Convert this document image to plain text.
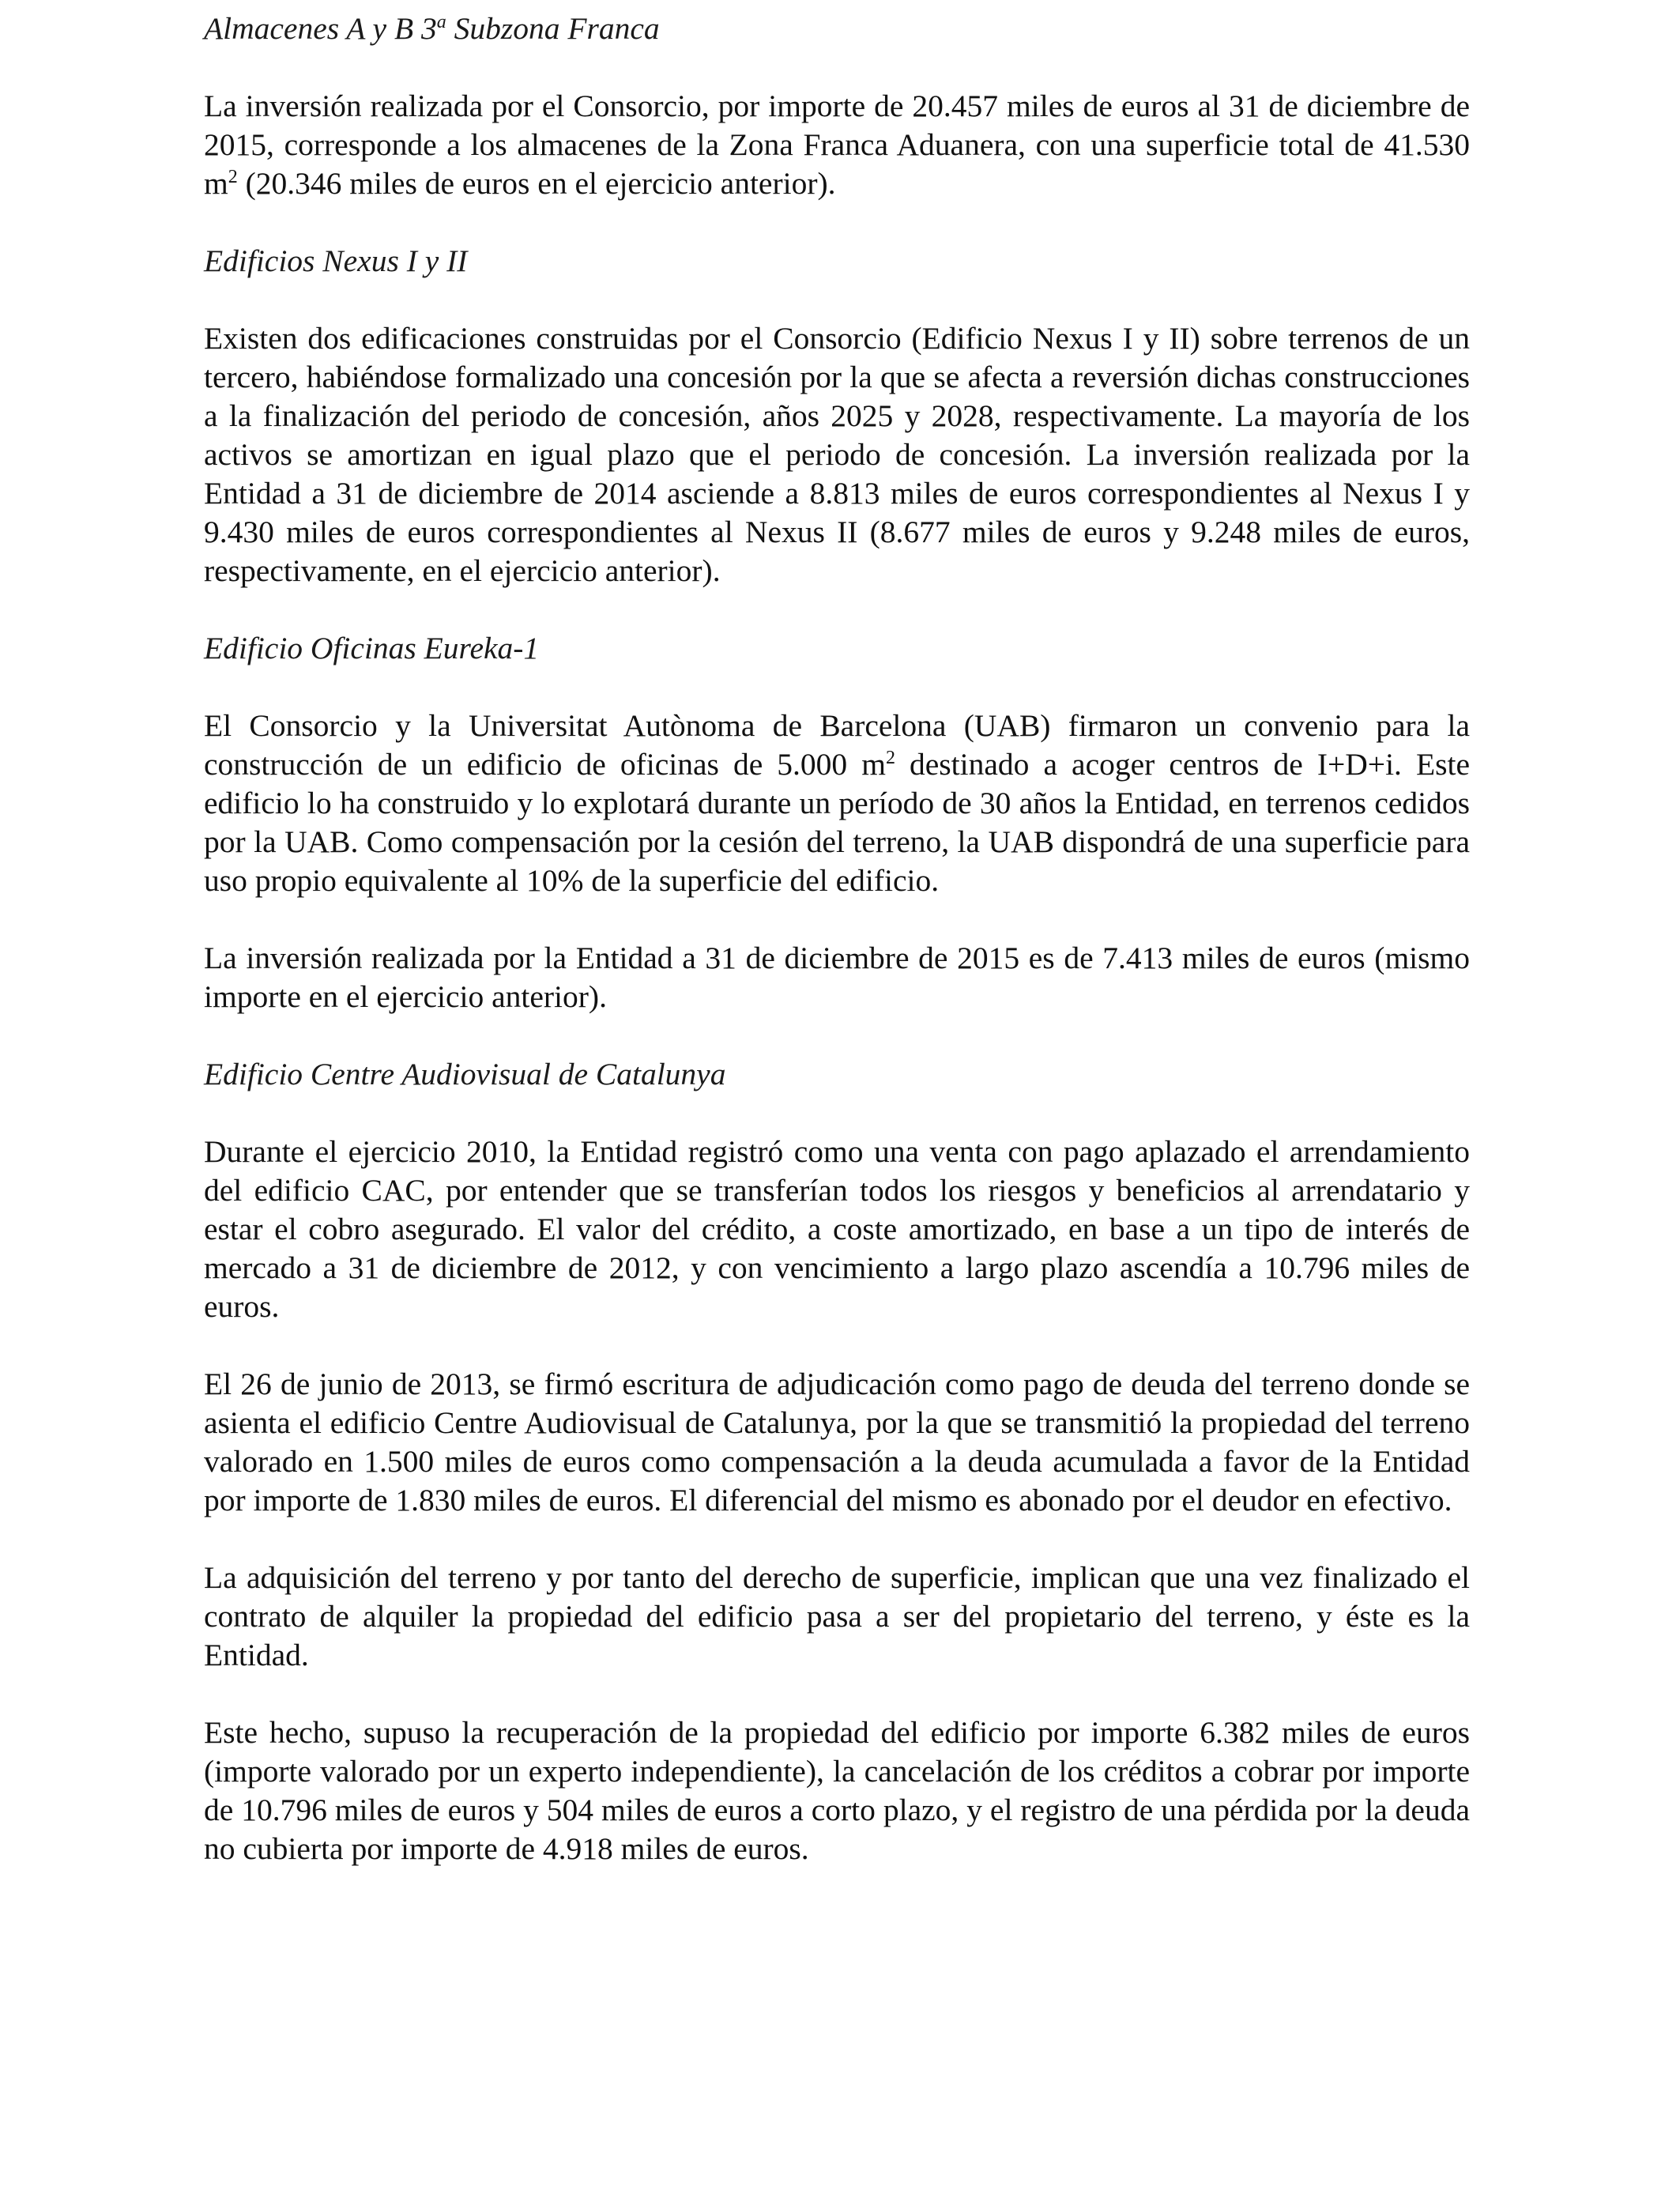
Almacenes A y B 3$^a$ Subzona Franca

La inversión realizada por el Consorcio, por importe de 20.457 miles de euros al 31 de diciembre de 2015, corresponde a los almacenes de la Zona Franca Aduanera, con una superficie total de 41.530 $m^2$ (20.346 miles de euros en el ejercicio anterior).

Edificios Nexus I y II

Existen dos edificaciones construidas por el Consorcio (Edificio Nexus I y II) sobre terrenos de un tercero, habiéndose formalizado una concesión por la que se afecta a reversión dichas construcciones a la finalización del periodo de concesión, años 2025 y 2028, respectivamente. La mayoría de los activos se amortizan en igual plazo que el periodo de concesión. La inversión realizada por la Entidad a 31 de diciembre de 2014 asciende a 8.813 miles de euros correspondientes al Nexus I y 9.430 miles de euros correspondientes al Nexus II (8.677 miles de euros y 9.248 miles de euros, respectivamente, en el ejercicio anterior).

Edificio Oficinas Eureka-1

El Consorcio y la Universitat Autònoma de Barcelona (UAB) firmaron un convenio para la construcción de un edificio de oficinas de 5.000 $m^2$ destinado a acoger centros de I+D+i. Este edificio lo ha construido y lo explotará durante un período de 30 años la Entidad, en terrenos cedidos por la UAB. Como compensación por la cesión del terreno, la UAB dispondrá de una superficie para uso propio equivalente al 10% de la superficie del edificio.

La inversión realizada por la Entidad a 31 de diciembre de 2015 es de 7.413 miles de euros (mismo importe en el ejercicio anterior).

Edificio Centre Audiovisual de Catalunya

Durante el ejercicio 2010, la Entidad registró como una venta con pago aplazado el arrendamiento del edificio CAC, por entender que se transferían todos los riesgos y beneficios al arrendatario y estar el cobro asegurado. El valor del crédito, a coste amortizado, en base a un tipo de interés de mercado a 31 de diciembre de 2012, y con vencimiento a largo plazo ascendía a 10.796 miles de euros.

El 26 de junio de 2013, se firmó escritura de adjudicación como pago de deuda del terreno donde se asienta el edificio Centre Audiovisual de Catalunya, por la que se transmitió la propiedad del terreno valorado en 1.500 miles de euros como compensación a la deuda acumulada a favor de la Entidad por importe de 1.830 miles de euros. El diferencial del mismo es abonado por el deudor en efectivo.

La adquisición del terreno y por tanto del derecho de superficie, implican que una vez finalizado el contrato de alquiler la propiedad del edificio pasa a ser del propietario del terreno, y éste es la Entidad.

Este hecho, supuso la recuperación de la propiedad del edificio por importe 6.382 miles de euros (importe valorado por un experto independiente), la cancelación de los créditos a cobrar por importe de 10.796 miles de euros y 504 miles de euros a corto plazo, y el registro de una pérdida por la deuda no cubierta por importe de 4.918 miles de euros.
